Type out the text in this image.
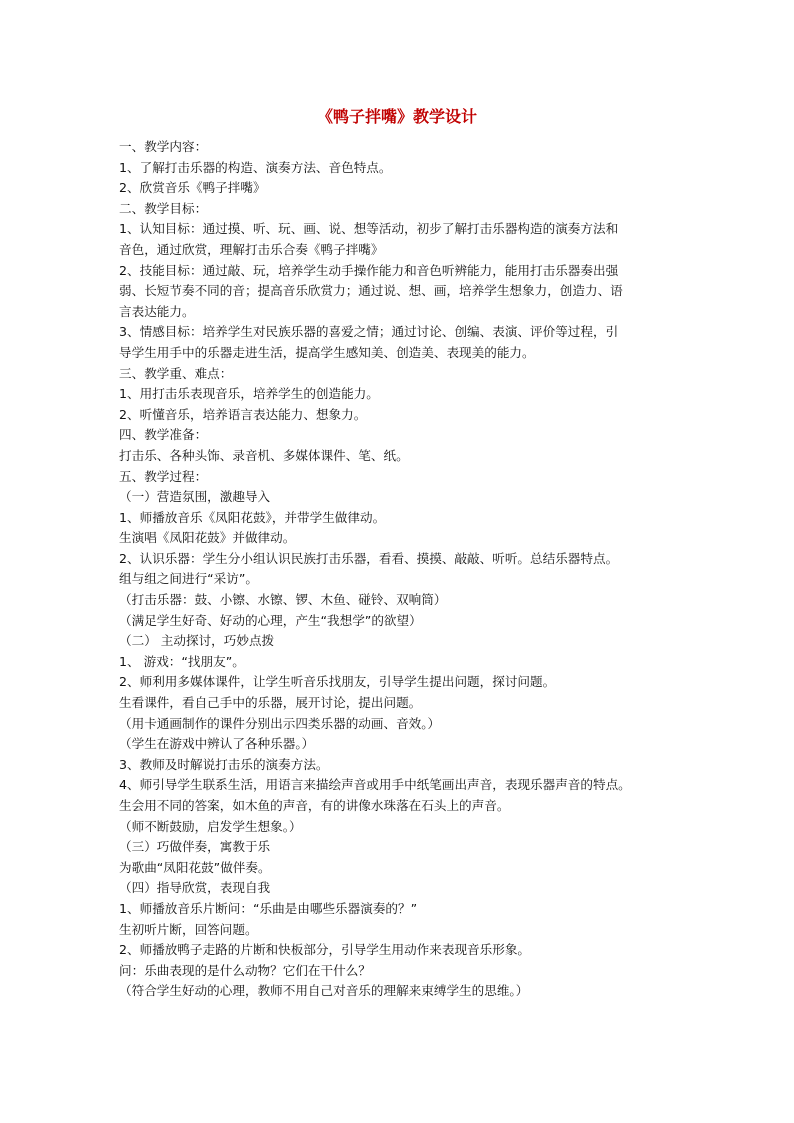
《鸭子拌嘴》教学设计
一、教学内容：
1、了解打击乐器的构造、演奏方法、音色特点。
2、欣赏音乐《鸭子拌嘴》
二、教学目标：
1、认知目标：通过摸、听、玩、画、说、想等活动，初步了解打击乐器构造的演奏方法和
音色，通过欣赏，理解打击乐合奏《鸭子拌嘴》
2、技能目标：通过敲、玩，培养学生动手操作能力和音色听辨能力，能用打击乐器奏出强
弱、长短节奏不同的音；提高音乐欣赏力；通过说、想、画，培养学生想象力，创造力、语
言表达能力。
3、情感目标：培养学生对民族乐器的喜爱之情；通过讨论、创编、表演、评价等过程，引
导学生用手中的乐器走进生活，提高学生感知美、创造美、表现美的能力。
三、教学重、难点：
1、用打击乐表现音乐，培养学生的创造能力。
2、听懂音乐，培养语言表达能力、想象力。
四、教学准备：
打击乐、各种头饰、录音机、多媒体课件、笔、纸。
五、教学过程：
（一）营造氛围，激趣导入
1、师播放音乐《凤阳花鼓》，并带学生做律动。
生演唱《凤阳花鼓》并做律动。
2、认识乐器：学生分小组认识民族打击乐器，看看、摸摸、敲敲、听听。总结乐器特点。
组与组之间进行“采访”。
（打击乐器：鼓、小镲、水镲、锣、木鱼、碰铃、双响筒）
（满足学生好奇、好动的心理，产生“我想学”的欲望）
（二） 主动探讨，巧妙点拨
1、 游戏：“找朋友”。
2、师利用多媒体课件，让学生听音乐找朋友，引导学生提出问题，探讨问题。
生看课件，看自己手中的乐器，展开讨论，提出问题。
（用卡通画制作的课件分别出示四类乐器的动画、音效。）
（学生在游戏中辨认了各种乐器。）
3、教师及时解说打击乐的演奏方法。
4、师引导学生联系生活，用语言来描绘声音或用手中纸笔画出声音，表现乐器声音的特点。
生会用不同的答案，如木鱼的声音，有的讲像水珠落在石头上的声音。
（师不断鼓励，启发学生想象。）
（三）巧做伴奏，寓教于乐
为歌曲“凤阳花鼓”做伴奏。
（四）指导欣赏，表现自我
1、师播放音乐片断问：“乐曲是由哪些乐器演奏的？”
生初听片断，回答问题。
2、师播放鸭子走路的片断和快板部分，引导学生用动作来表现音乐形象。
问：乐曲表现的是什么动物？它们在干什么？
（符合学生好动的心理，教师不用自己对音乐的理解来束缚学生的思维。）
